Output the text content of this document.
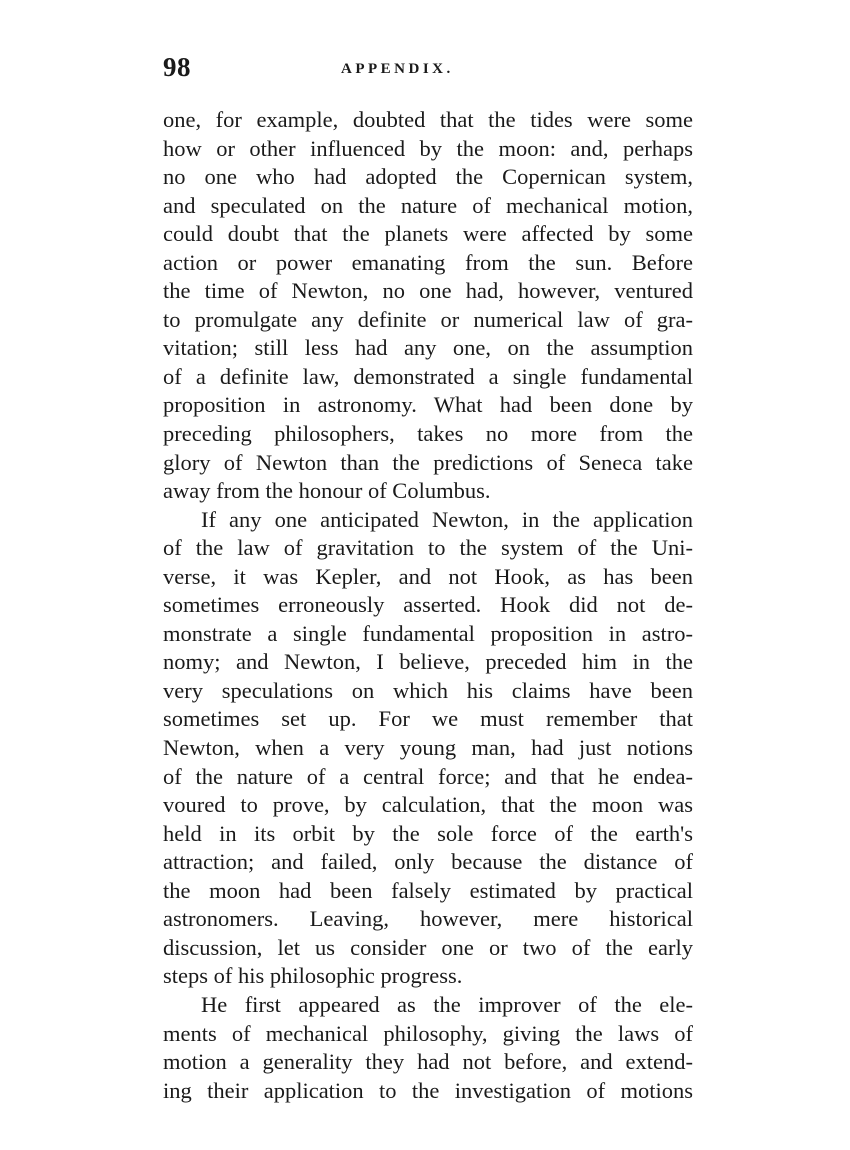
98	APPENDIX.
one, for example, doubted that the tides were some
how or other influenced by the moon: and, perhaps
no one who had adopted the Copernican system,
and speculated on the nature of mechanical motion,
could doubt that the planets were affected by some
action or power emanating from the sun. Before
the time of Newton, no one had, however, ventured
to promulgate any definite or numerical law of gra-
vitation; still less had any one, on the assumption
of a definite law, demonstrated a single fundamental
proposition in astronomy. What had been done by
preceding philosophers, takes no more from the
glory of Newton than the predictions of Seneca take
away from the honour of Columbus.
If any one anticipated Newton, in the application
of the law of gravitation to the system of the Uni-
verse, it was Kepler, and not Hook, as has been
sometimes erroneously asserted. Hook did not de-
monstrate a single fundamental proposition in astro-
nomy; and Newton, I believe, preceded him in the
very speculations on which his claims have been
sometimes set up. For we must remember that
Newton, when a very young man, had just notions
of the nature of a central force; and that he endea-
voured to prove, by calculation, that the moon was
held in its orbit by the sole force of the earth's
attraction; and failed, only because the distance of
the moon had been falsely estimated by practical
astronomers. Leaving, however, mere historical
discussion, let us consider one or two of the early
steps of his philosophic progress.
He first appeared as the improver of the ele-
ments of mechanical philosophy, giving the laws of
motion a generality they had not before, and extend-
ing their application to the investigation of motions
